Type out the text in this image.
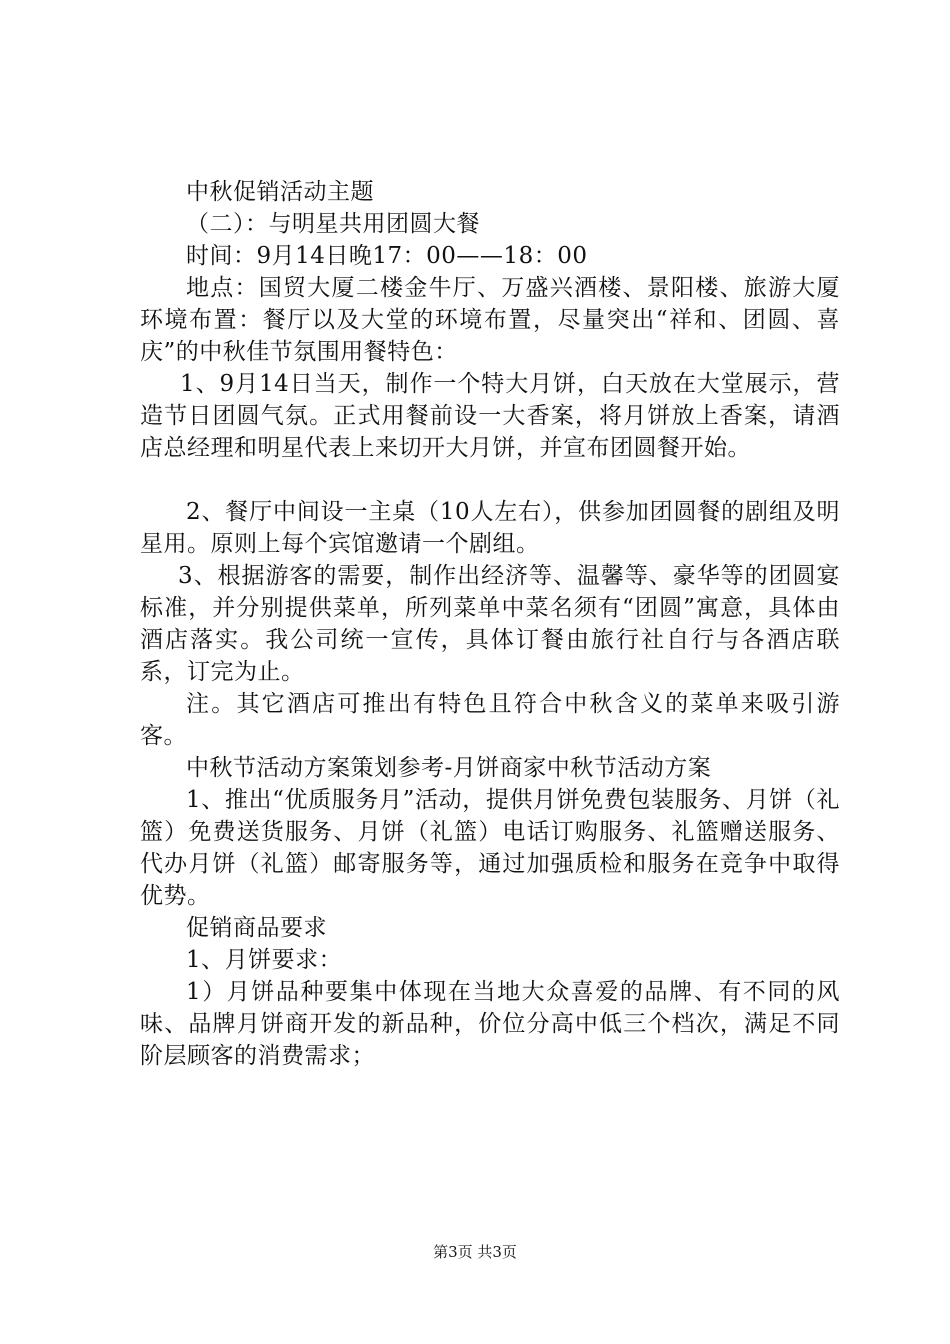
中秋促销活动主题

（二）：与明星共用团圆大餐

时间：9月14日晚17：00——18：00

地点：国贸大厦二楼金牛厅、万盛兴酒楼、景阳楼、旅游大厦环境布置：餐厅以及大堂的环境布置，尽量突出“祥和、团圆、喜庆”的中秋佳节氛围用餐特色：

1、9月14日当天，制作一个特大月饼，白天放在大堂展示，营造节日团圆气氛。正式用餐前设一大香案，将月饼放上香案，请酒店总经理和明星代表上来切开大月饼，并宣布团圆餐开始。

2、餐厅中间设一主桌（10人左右），供参加团圆餐的剧组及明星用。原则上每个宾馆邀请一个剧组。

3、根据游客的需要，制作出经济等、温馨等、豪华等的团圆宴标准，并分别提供菜单，所列菜单中菜名须有“团圆”寓意，具体由酒店落实。我公司统一宣传，具体订餐由旅行社自行与各酒店联系，订完为止。

注。其它酒店可推出有特色且符合中秋含义的菜单来吸引游客。

中秋节活动方案策划参考-月饼商家中秋节活动方案

1、推出“优质服务月”活动，提供月饼免费包装服务、月饼（礼篮）免费送货服务、月饼（礼篮）电话订购服务、礼篮赠送服务、代办月饼（礼篮）邮寄服务等，通过加强质检和服务在竞争中取得优势。

促销商品要求

1、月饼要求：

1）月饼品种要集中体现在当地大众喜爱的品牌、有不同的风味、品牌月饼商开发的新品种，价位分高中低三个档次，满足不同阶层顾客的消费需求；

第3页 共3页
